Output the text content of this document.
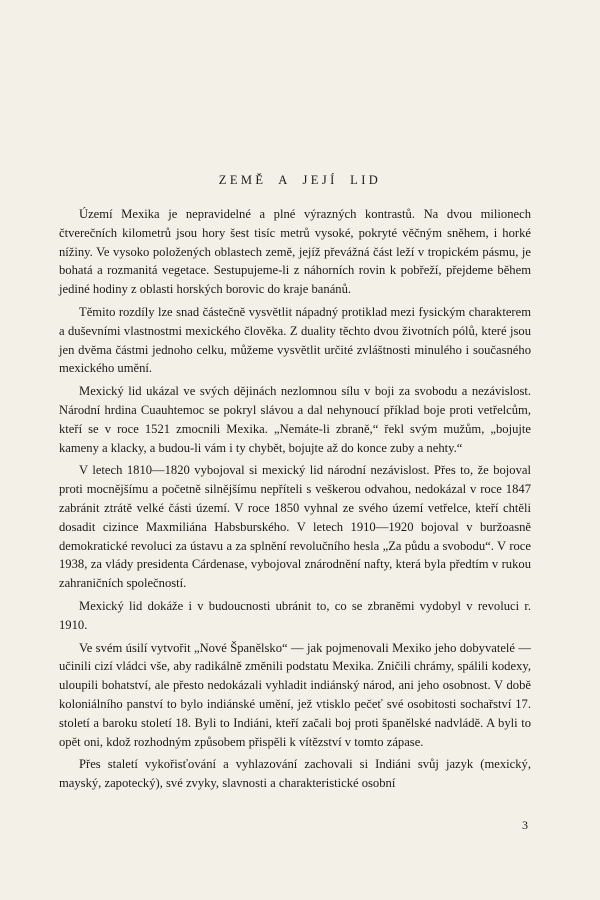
ZEMĚ A JEJÍ LID

Území Mexika je nepravidelné a plné výrazných kontrastů. Na dvou milionech čtverečních kilometrů jsou hory šest tisíc metrů vysoké, pokryté věčným sněhem, i horké nížiny. Ve vysoko položených oblastech země, jejíž převážná část leží v tropickém pásmu, je bohatá a rozmanitá vegetace. Sestupujeme-li z náhorních rovin k pobřeží, přejdeme během jediné hodiny z oblasti horských borovic do kraje banánů.

Těmito rozdíly lze snad částečně vysvětlit nápadný protiklad mezi fysickým charakterem a duševními vlastnostmi mexického člověka. Z duality těchto dvou životních pólů, které jsou jen dvěma částmi jednoho celku, můžeme vysvětlit určité zvláštnosti minulého i současného mexického umění.

Mexický lid ukázal ve svých dějinách nezlomnou sílu v boji za svobodu a nezávislost. Národní hrdina Cuauhtemoc se pokryl slávou a dal nehynoucí příklad boje proti vetřelcům, kteří se v roce 1521 zmocnili Mexika. „Nemáte-li zbraně,“ řekl svým mužům, „bojujte kameny a klacky, a budou-li vám i ty chybět, bojujte až do konce zuby a nehty.“

V letech 1810—1820 vybojoval si mexický lid národní nezávislost. Přes to, že bojoval proti mocnějšímu a početně silnějšímu nepříteli s veškerou odvahou, nedokázal v roce 1847 zabránit ztrátě velké části území. V roce 1850 vyhnal ze svého území vetřelce, kteří chtěli dosadit cizince Maxmiliána Habsburského. V letech 1910—1920 bojoval v buržoasně demokratické revoluci za ústavu a za splnění revolučního hesla „Za půdu a svobodu“. V roce 1938, za vlády presidenta Cárdenase, vybojoval znárodnění nafty, která byla předtím v rukou zahraničních společností.

Mexický lid dokáže i v budoucnosti ubránit to, co se zbraněmi vydobyl v revoluci r. 1910.

Ve svém úsilí vytvořit „Nové Španělsko“ — jak pojmenovali Mexiko jeho dobyvatelé — učinili cizí vládci vše, aby radikálně změnili podstatu Mexika. Zničili chrámy, spálili kodexy, uloupili bohatství, ale přesto nedokázali vyhladit indiánský národ, ani jeho osobnost. V době koloniálního panství to bylo indiánské umění, jež vtisklo pečeť své osobitosti sochařství 17. století a baroku století 18. Byli to Indiáni, kteří začali boj proti španělské nadvládě. A byli to opět oni, kdož rozhodným způsobem přispěli k vítězství v tomto zápase.

Přes staletí vykořisťování a vyhlazování zachovali si Indiáni svůj jazyk (mexický, mayský, zapotecký), své zvyky, slavnosti a charakteristické osobní

3
